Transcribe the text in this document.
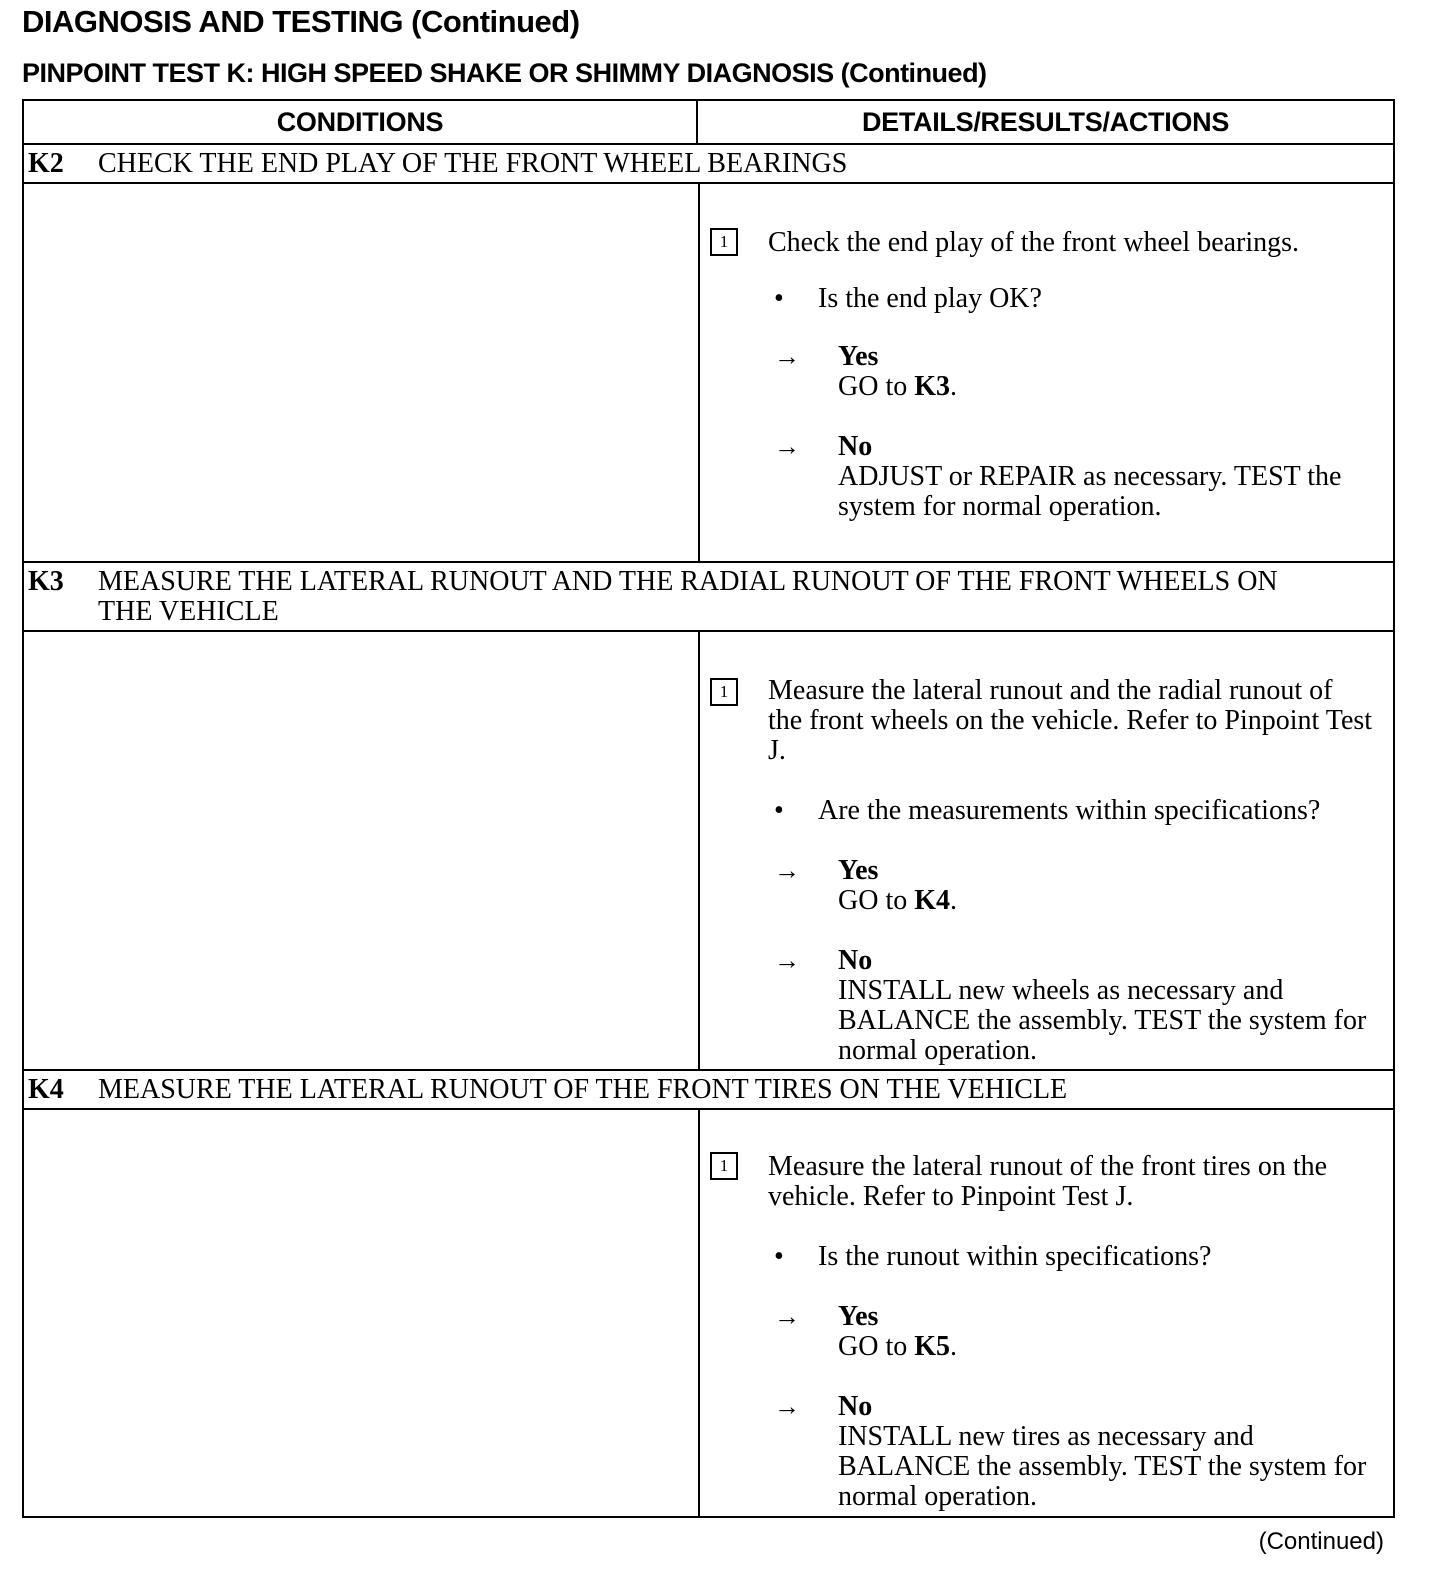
DIAGNOSIS AND TESTING (Continued)
PINPOINT TEST K: HIGH SPEED SHAKE OR SHIMMY DIAGNOSIS (Continued)
CONDITIONS	DETAILS/RESULTS/ACTIONS
K2	CHECK THE END PLAY OF THE FRONT WHEEL BEARINGS
1	Check the end play of the front wheel bearings.
• Is the end play OK?
→ Yes
GO to K3.
→ No
ADJUST or REPAIR as necessary. TEST the system for normal operation.
K3	MEASURE THE LATERAL RUNOUT AND THE RADIAL RUNOUT OF THE FRONT WHEELS ON THE VEHICLE
1	Measure the lateral runout and the radial runout of the front wheels on the vehicle. Refer to Pinpoint Test J.
• Are the measurements within specifications?
→ Yes
GO to K4.
→ No
INSTALL new wheels as necessary and BALANCE the assembly. TEST the system for normal operation.
K4	MEASURE THE LATERAL RUNOUT OF THE FRONT TIRES ON THE VEHICLE
1	Measure the lateral runout of the front tires on the vehicle. Refer to Pinpoint Test J.
• Is the runout within specifications?
→ Yes
GO to K5.
→ No
INSTALL new tires as necessary and BALANCE the assembly. TEST the system for normal operation.
(Continued)
